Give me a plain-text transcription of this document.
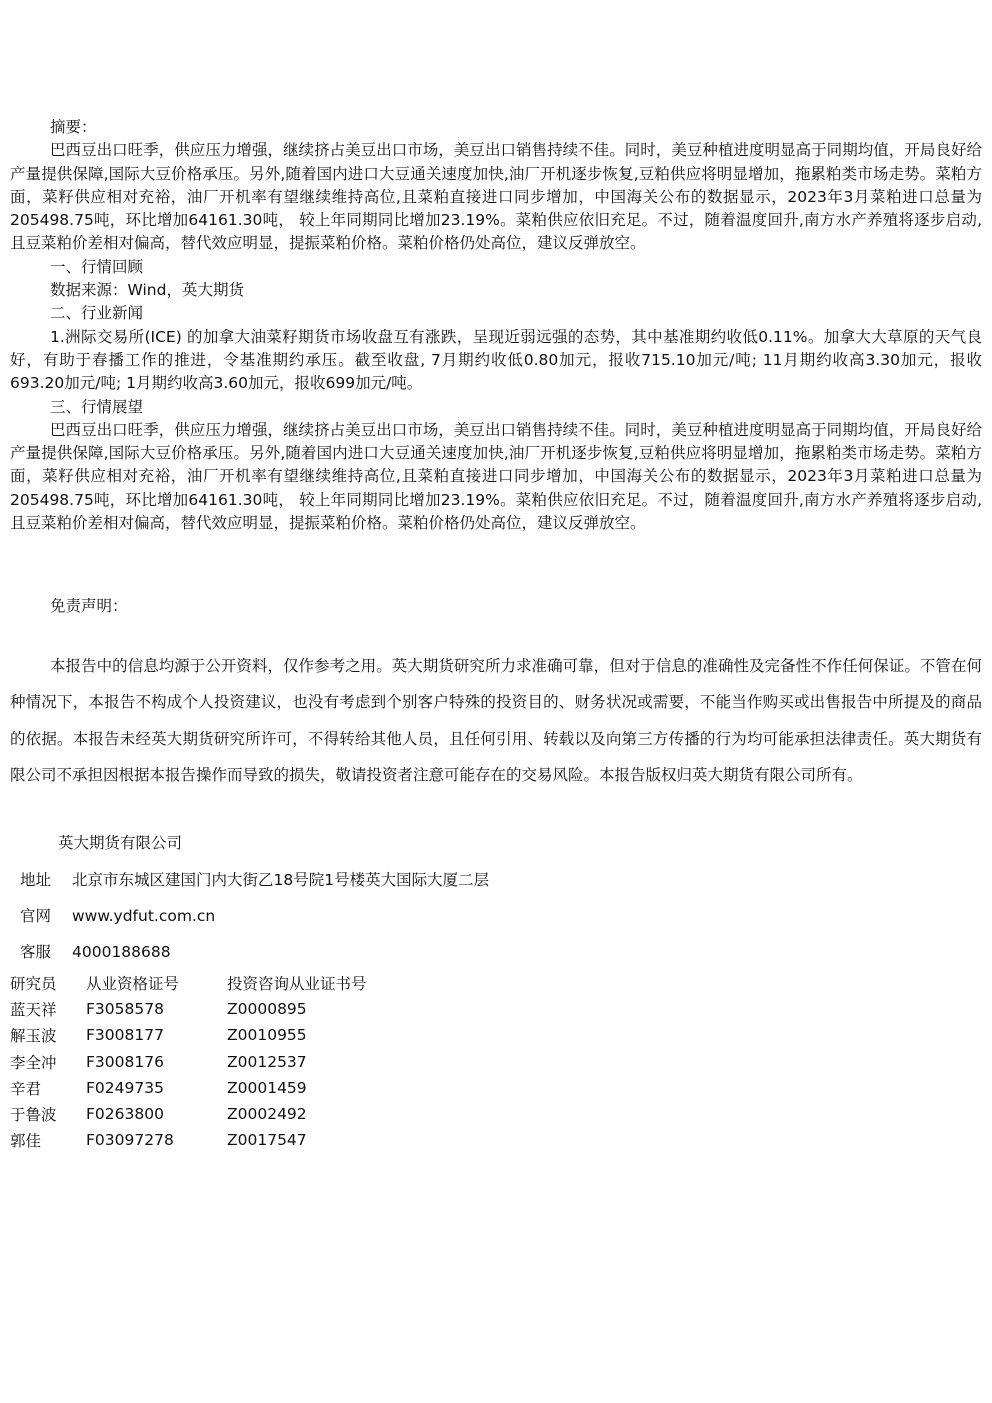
摘要：

巴西豆出口旺季，供应压力增强，继续挤占美豆出口市场，美豆出口销售持续不佳。同时，美豆种植进度明显高于同期均值，开局良好给产量提供保障,国际大豆价格承压。另外,随着国内进口大豆通关速度加快,油厂开机逐步恢复,豆粕供应将明显增加，拖累粕类市场走势。菜粕方面，菜籽供应相对充裕，油厂开机率有望继续维持高位,且菜粕直接进口同步增加，中国海关公布的数据显示，2023年3月菜粕进口总量为205498.75吨，环比增加64161.30吨， 较上年同期同比增加23.19%。菜粕供应依旧充足。不过，随着温度回升,南方水产养殖将逐步启动,且豆菜粕价差相对偏高，替代效应明显，提振菜粕价格。菜粕价格仍处高位，建议反弹放空。

一、行情回顾

数据来源：Wind，英大期货

二、行业新闻

1.洲际交易所(ICE) 的加拿大油菜籽期货市场收盘互有涨跌，呈现近弱远强的态势，其中基准期约收低0.11%。加拿大大草原的天气良好，有助于春播工作的推进，令基准期约承压。截至收盘, 7月期约收低0.80加元，报收715.10加元/吨; 11月期约收高3.30加元，报收693.20加元/吨; 1月期约收高3.60加元，报收699加元/吨。

三、行情展望

巴西豆出口旺季，供应压力增强，继续挤占美豆出口市场，美豆出口销售持续不佳。同时，美豆种植进度明显高于同期均值，开局良好给产量提供保障,国际大豆价格承压。另外,随着国内进口大豆通关速度加快,油厂开机逐步恢复,豆粕供应将明显增加，拖累粕类市场走势。菜粕方面，菜籽供应相对充裕，油厂开机率有望继续维持高位,且菜粕直接进口同步增加，中国海关公布的数据显示，2023年3月菜粕进口总量为205498.75吨，环比增加64161.30吨， 较上年同期同比增加23.19%。菜粕供应依旧充足。不过，随着温度回升,南方水产养殖将逐步启动,且豆菜粕价差相对偏高，替代效应明显，提振菜粕价格。菜粕价格仍处高位，建议反弹放空。

免责声明：

本报告中的信息均源于公开资料，仅作参考之用。英大期货研究所力求准确可靠，但对于信息的准确性及完备性不作任何保证。不管在何种情况下，本报告不构成个人投资建议，也没有考虑到个别客户特殊的投资目的、财务状况或需要，不能当作购买或出售报告中所提及的商品的依据。本报告未经英大期货研究所许可，不得转给其他人员，且任何引用、转载以及向第三方传播的行为均可能承担法律责任。英大期货有限公司不承担因根据本报告操作而导致的损失，敬请投资者注意可能存在的交易风险。本报告版权归英大期货有限公司所有。

英大期货有限公司
地址 北京市东城区建国门内大街乙18号院1号楼英大国际大厦二层
官网 www.ydfut.com.cn
客服 4000188688
研究员	从业资格证号	投资咨询从业证书号
蓝天祥	F3058578	Z0000895
解玉波	F3008177	Z0010955
李全冲	F3008176	Z0012537
辛君	F0249735	Z0001459
于鲁波	F0263800	Z0002492
郭佳	F03097278	Z0017547
